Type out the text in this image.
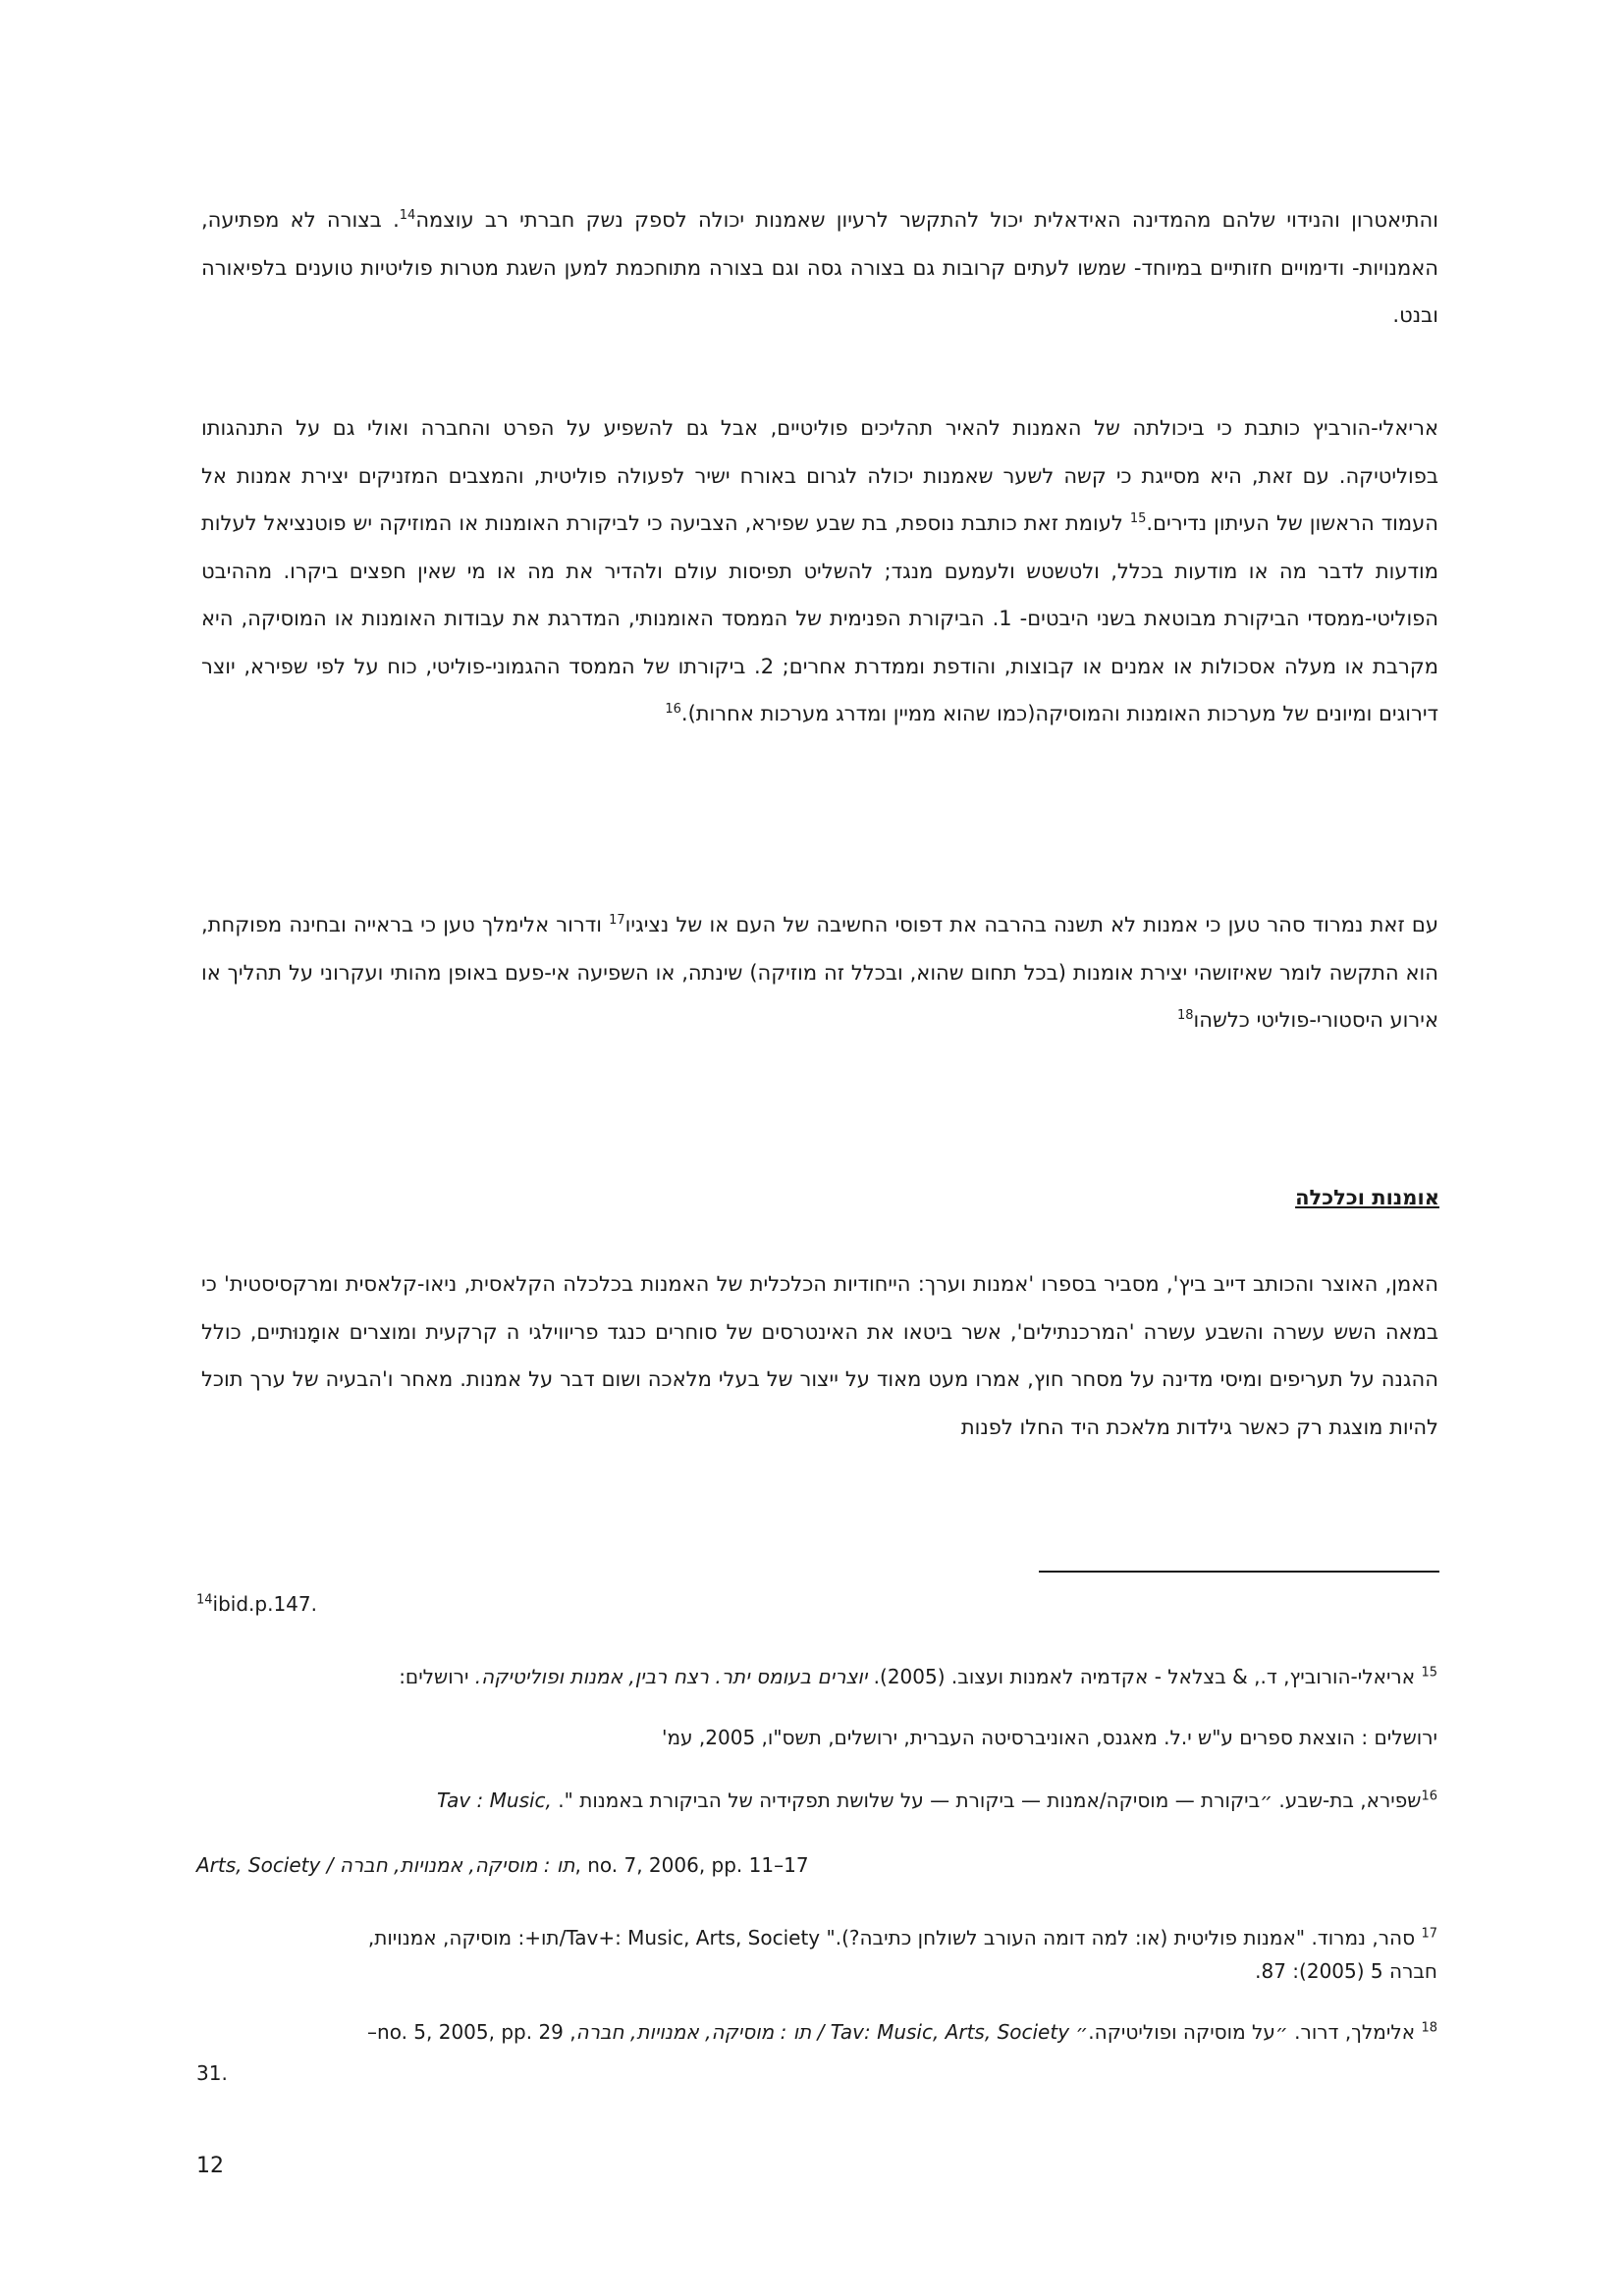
והתיאטרון והנידוי שלהם מהמדינה האידאלית יכול להתקשר לרעיון שאמנות יכולה לספק נשק חברתי רב עוצמה$^{14}$. בצורה לא מפתיעה, האמנויות- ודימויים חזותיים במיוחד- שמשו לעתים קרובות גם בצורה גסה וגם בצורה מתוחכמת למען השגת מטרות פוליטיות טוענים בלפיאורה ובנט.

אריאלי-הורביץ כותבת כי ביכולתה של האמנות להאיר תהליכים פוליטיים, אבל גם להשפיע על הפרט והחברה ואולי גם על התנהגותו בפוליטיקה. עם זאת, היא מסייגת כי קשה לשער שאמנות יכולה לגרום באורח ישיר לפעולה פוליטית, והמצבים המזניקים יצירת אמנות אל העמוד הראשון של העיתון נדירים.$^{15}$ לעומת זאת כותבת נוספת, בת שבע שפירא, הצביעה כי לביקורת האומנות או המוזיקה יש פוטנציאל לעלות מודעות לדבר מה או מודעות בכלל, ולטשטש ולעמעם מנגד; להשליט תפיסות עולם ולהדיר את מה או מי שאין חפצים ביקרו. מההיבט הפוליטי-ממסדי הביקורת מבוטאת בשני היבטים- 1. הביקורת הפנימית של הממסד האומנותי, המדרגת את עבודות האומנות או המוסיקה, היא מקרבת או מעלה אסכולות או אמנים או קבוצות, והודפת וממדרת אחרים; 2. ביקורתו של הממסד ההגמוני-פוליטי, כוח על לפי שפירא, יוצר דירוגים ומיונים של מערכות האומנות והמוסיקה(כמו שהוא ממיין ומדרג מערכות אחרות).$^{16}$

עם זאת נמרוד סהר טען כי אמנות לא תשנה בהרבה את דפוסי החשיבה של העם או של נציגיו$^{17}$ ודרור אלימלך טען כי בראייה ובחינה מפוקחת, הוא התקשה לומר שאיזושהי יצירת אומנות (בכל תחום שהוא, ובכלל זה מוזיקה) שינתה, או השפיעה אי-פעם באופן מהותי ועקרוני על תהליך או אירוע היסטורי-פוליטי כלשהו$^{18}$

אומנות וכלכלה

האמן, האוצר והכותב דייב ביץ', מסביר בספרו 'אמנות וערך: הייחודיות הכלכלית של האמנות בכלכלה הקלאסית, ניאו-קלאסית ומרקסיסטית' כי במאה השש עשרה והשבע עשרה 'המרכנתילים', אשר ביטאו את האינטרסים של סוחרים כנגד פריווילגי ה קרקעית ומוצרים אומָנוּתיים, כולל ההגנה על תעריפים ומיסי מדינה על מסחר חוץ, אמרו מעט מאוד על ייצור של בעלי מלאכה ושום דבר על אמנות. מאחר ו'הבעיה של ערך תוכל להיות מוצגת רק כאשר גילדות מלאכת היד החלו לפנות

$^{14}$ibid.p.147.

$^{15}$ אריאלי-הורוביץ, ד., & בצלאל - אקדמיה לאמנות ועצוב. (2005). יוצרים בעומס יתר. רצח רבין, אמנות ופוליטיקה. ירושלים:

ירושלים : הוצאת ספרים ע"ש י.ל. מאגנס, האוניברסיטה העברית, ירושלים, תשס"ו, 2005, עמ'

$^{16}$שפירא, בת-שבע. ״ביקורת — מוסיקה/אמנות — ביקורת — על שלושת תפקידיה של הביקורת באמנות ". Tav : Music,

Arts, Society / תו : מוסיקה, אמנויות, חברה, no. 7, 2006, pp. 11–17

$^{17}$ סהר, נמרוד. "אמנות פוליטית (או: למה דומה העורב לשולחן כתיבה?)." Tav+: Music, Arts, Society/תו+: מוסיקה, אמנויות,

חברה 5 (2005): 87.

$^{18}$ אלימלך, דרור. ״על מוסיקה ופוליטיקה.״ Tav: Music, Arts, Society / תו : מוסיקה, אמנויות, חברה, no. 5, 2005, pp. 29–

31.

12
